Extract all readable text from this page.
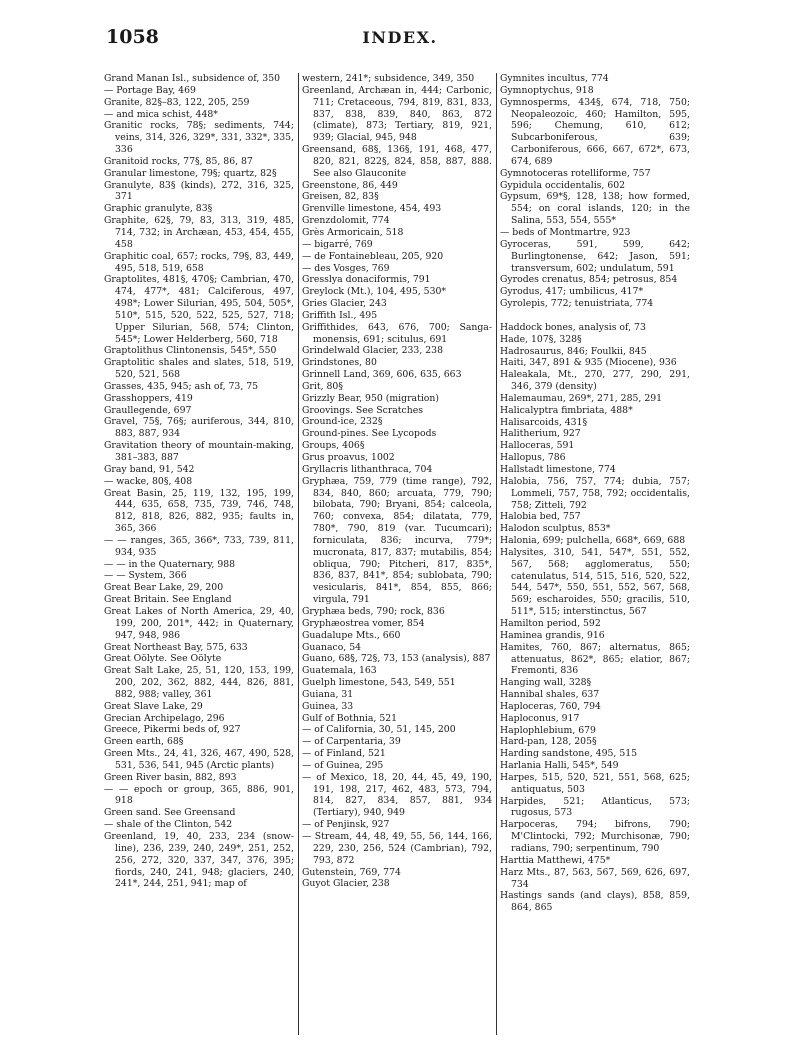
1058	INDEX.
Grand Manan Isl., subsidence of, 350
— Portage Bay, 469
Granite, 82§–83, 122, 205, 259
— and mica schist, 448*
Granitic rocks, 78§; sediments, 744; veins, 314, 326, 329*, 331, 332*, 335, 336
Granitoid rocks, 77§, 85, 86, 87
Granular limestone, 79§; quartz, 82§
Granulyte, 83§ (kinds), 272, 316, 325, 371
Graphic granulyte, 83§
Graphite, 62§, 79, 83, 313, 319, 485, 714, 732; in Archæan, 453, 454, 455, 458
Graphitic coal, 657; rocks, 79§, 83, 449, 495, 518, 519, 658
Graptolites, 481§, 470§; Cambrian, 470, 474, 477*, 481; Calciferous, 497, 498*; Lower Silurian, 495, 504, 505*, 510*, 515, 520, 522, 525, 527, 718; Upper Silurian, 568, 574; Clinton, 545*; Lower Helderberg, 560, 718
Graptolithus Clintonensis, 545*, 550
Graptolitic shales and slates, 518, 519, 520, 521, 568
Grasses, 435, 945; ash of, 73, 75
Grasshoppers, 419
Graullegende, 697
Gravel, 75§, 76§; auriferous, 344, 810, 883, 887, 934
Gravitation theory of mountain-making, 381–383, 887
Gray band, 91, 542
— wacke, 80§, 408
Great Basin, 25, 119, 132, 195, 199, 444, 635, 658, 735, 739, 746, 748, 812, 818, 826, 882, 935; faults in, 365, 366
— — ranges, 365, 366*, 733, 739, 811, 934, 935
— — in the Quaternary, 988
— — System, 366
Great Bear Lake, 29, 200
Great Britain. See England
Great Lakes of North America, 29, 40, 199, 200, 201*, 442; in Quaternary, 947, 948, 986
Great Northeast Bay, 575, 633
Great Oölyte. See Oölyte
Great Salt Lake, 25, 51, 120, 153, 199, 200, 202, 362, 882, 444, 826, 881, 882, 988; valley, 361
Great Slave Lake, 29
Grecian Archipelago, 296
Greece, Pikermi beds of, 927
Green earth, 68§
Green Mts., 24, 41, 326, 467, 490, 528, 531, 536, 541, 945 (Arctic plants)
Green River basin, 882, 893
— — epoch or group, 365, 886, 901, 918
Green sand. See Greensand
— shale of the Clinton, 542
Greenland, 19, 40, 233, 234 (snow-line), 236, 239, 240, 249*, 251, 252, 256, 272, 320, 337, 347, 376, 395; fiords, 240, 241, 948; glaciers, 240, 241*, 244, 251, 941; map of
western, 241*; subsidence, 349, 350
Greenland, Archæan in, 444; Carbonic, 711; Cretaceous, 794, 819, 831, 833, 837, 838, 839, 840, 863, 872 (climate), 873; Tertiary, 819, 921, 939; Glacial, 945, 948
Greensand, 68§, 136§, 191, 468, 477, 820, 821, 822§, 824, 858, 887, 888. See also Glauconite
Greenstone, 86, 449
Greisen, 82, 83§
Grenville limestone, 454, 493
Grenzdolomit, 774
Grès Armoricain, 518
— bigarré, 769
— de Fontainebleau, 205, 920
— des Vosges, 769
Gresslya donaciformis, 791
Greylock (Mt.), 104, 495, 530*
Gries Glacier, 243
Griffith Isl., 495
Griffithides, 643, 676, 700; Sanga-monensis, 691; scitulus, 691
Grindelwald Glacier, 233, 238
Grindstones, 80
Grinnell Land, 369, 606, 635, 663
Grit, 80§
Grizzly Bear, 950 (migration)
Groovings. See Scratches
Ground-ice, 232§
Ground-pines. See Lycopods
Groups, 406§
Grus proavus, 1002
Gryllacris lithanthraca, 704
Gryphæa, 759, 779 (time range), 792, 834, 840, 860; arcuata, 779, 790; bilobata, 790; Bryani, 854; calceola, 760; convexa, 854; dilatata, 779, 780*, 790, 819 (var. Tucumcari); forniculata, 836; incurva, 779*; mucronata, 817, 837; mutabilis, 854; obliqua, 790; Pitcheri, 817, 835*, 836, 837, 841*, 854; sublobata, 790; vesicularis, 841*, 854, 855, 866; virgula, 791
Gryphæa beds, 790; rock, 836
Gryphæostrea vomer, 854
Guadalupe Mts., 660
Guanaco, 54
Guano, 68§, 72§, 73, 153 (analysis), 887
Guatemala, 163
Guelph limestone, 543, 549, 551
Guiana, 31
Guinea, 33
Gulf of Bothnia, 521
— of California, 30, 51, 145, 200
— of Carpentaria, 39
— of Finland, 521
— of Guinea, 295
— of Mexico, 18, 20, 44, 45, 49, 190, 191, 198, 217, 462, 483, 573, 794, 814, 827, 834, 857, 881, 934 (Tertiary), 940, 949
— of Penjinsk, 927
— Stream, 44, 48, 49, 55, 56, 144, 166, 229, 230, 256, 524 (Cambrian), 792, 793, 872
Gutenstein, 769, 774
Guyot Glacier, 238
Gymnites incultus, 774
Gymnoptychus, 918
Gymnosperms, 434§, 674, 718, 750; Neopaleozoic, 460; Hamilton, 595, 596; Chemung, 610, 612; Subcarboniferous, 639; Carboniferous, 666, 667, 672*, 673, 674, 689
Gymnotoceras rotelliforme, 757
Gypidula occidentalis, 602
Gypsum, 69*§, 128, 138; how formed, 554; on coral islands, 120; in the Salina, 553, 554, 555*
— beds of Montmartre, 923
Gyroceras, 591, 599, 642; Burlingtonense, 642; Jason, 591; transversum, 602; undulatum, 591
Gyrodes crenatus, 854; petrosus, 854
Gyrodus, 417; umbilicus, 417*
Gyrolepis, 772; tenuistriata, 774
Haddock bones, analysis of, 73
Hade, 107§, 328§
Hadrosaurus, 846; Foulkii, 845
Haiti, 347, 891 & 935 (Miocene), 936
Haleakala, Mt., 270, 277, 290, 291, 346, 379 (density)
Halemaumau, 269*, 271, 285, 291
Halicalyptra fimbriata, 488*
Halisarcoids, 431§
Halitherium, 927
Halloceras, 591
Hallopus, 786
Hallstadt limestone, 774
Halobia, 756, 757, 774; dubia, 757; Lommeli, 757, 758, 792; occidentalis, 758; Zitteli, 792
Halobia bed, 757
Halodon sculptus, 853*
Halonia, 699; pulchella, 668*, 669, 688
Halysites, 310, 541, 547*, 551, 552, 567, 568; agglomeratus, 550; catenulatus, 514, 515, 516, 520, 522, 544, 547*, 550, 551, 552, 567, 568, 569; escharoides, 550; gracilis, 510, 511*, 515; interstinctus, 567
Hamilton period, 592
Haminea grandis, 916
Hamites, 760, 867; alternatus, 865; attenuatus, 862*, 865; elatior, 867; Fremonti, 836
Hanging wall, 328§
Hannibal shales, 637
Haploceras, 760, 794
Haploconus, 917
Haplophlebium, 679
Hard-pan, 128, 205§
Harding sandstone, 495, 515
Harlania Halli, 545*, 549
Harpes, 515, 520, 521, 551, 568, 625; antiquatus, 503
Harpides, 521; Atlanticus, 573; rugosus, 573
Harpoceras, 794; bifrons, 790; M'Clintocki, 792; Murchisonæ, 790; radians, 790; serpentinum, 790
Harttia Matthewi, 475*
Harz Mts., 87, 563, 567, 569, 626, 697, 734
Hastings sands (and clays), 858, 859, 864, 865
